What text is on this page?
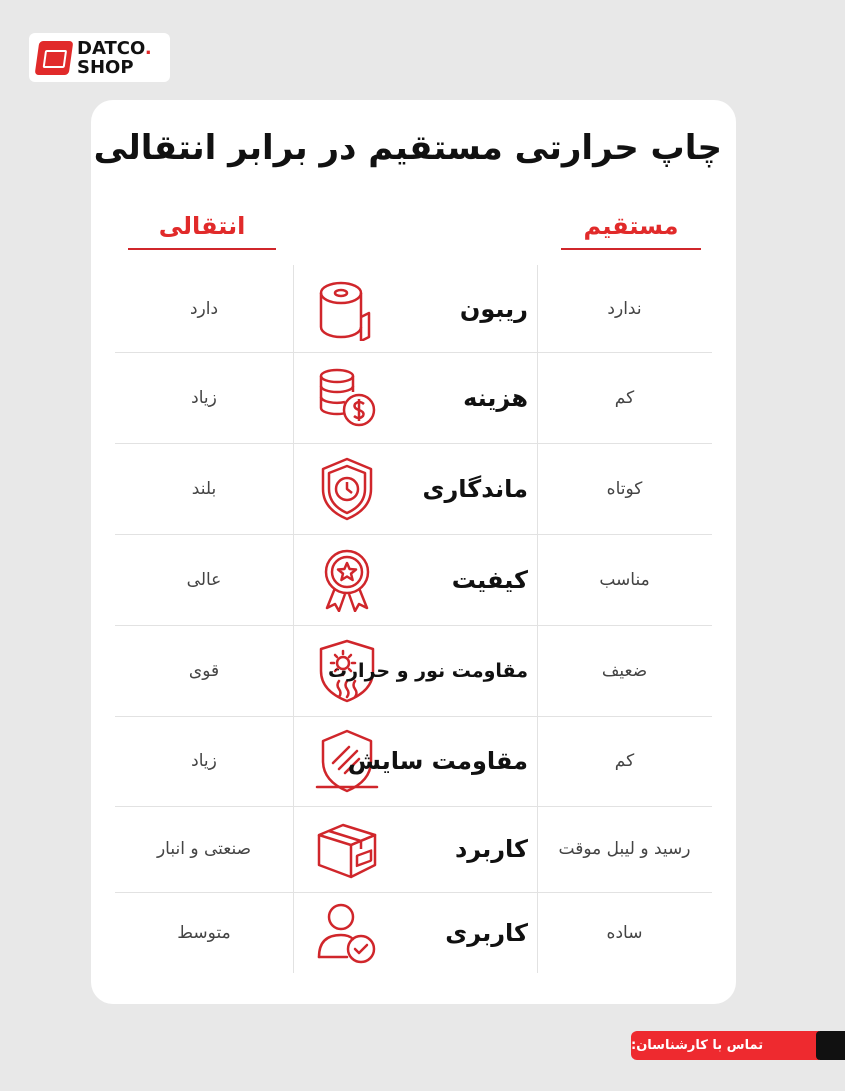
DATCO.
SHOP
چاپ حرارتی مستقیم در برابر انتقالی
مستقیم
انتقالی
دارد	ریبون	ندارد
زیاد	هزینه	کم
بلند	ماندگاری	کوتاه
عالی	کیفیت	مناسب
قوی	مقاومت نور و حرارت	ضعیف
زیاد	مقاومت سایش	کم
صنعتی و انبار	کاربرد	رسید و لیبل موقت
متوسط	کاربری	ساده
تماس با کارشناسان:
